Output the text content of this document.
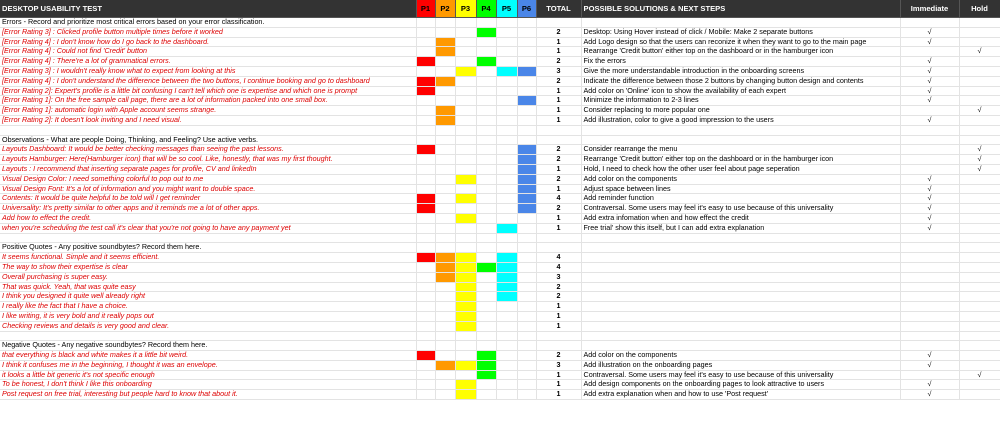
DESKTOP USABILITY TEST	P1	P2	P3	P4	P5	P6	TOTAL	POSSIBLE SOLUTIONS & NEXT STEPS	Immediate	Hold
Errors - Record and prioritize most critical errors based on your error classification.										
[Error Rating 3] : Clicked profile button multiple times before it worked							2	Desktop: Using Hover instead of click / Mobile: Make 2 separate buttons	√	
[Error Rating 4] : I don't know how do I go back to the dashboard.							1	Add Logo design so that the users can reconize it when they want to go to the main page	√	
[Error Rating 4] : Could not find 'Credit' button							1	Rearrange 'Credit button' either top on the dashboard or in the hamburger icon		√
[Error Rating 4] : There're a lot of grammatical errors.							2	Fix the errors	√	
[Error Rating 3] : I wouldn't really know what to expect from looking at this							3	Give the more understandable introduction in the onboarding screens	√	
[Error Rating 4] : I don't understand the difference between the two buttons, I continue booking and go to dashboard							2	Indicate the difference between those 2 buttons by changing button design and contents	√	
[Error Rating 2]: Expert's profile is a little bit confusing I can't tell which one is expertise and which one is prompt							1	Add color on 'Online' icon to show the availability of each expert	√	
[Error Rating 1]: On the free sample call page, there are a lot of information packed into one small box.							1	Minimize the information to 2-3 lines	√	
[Error Rating 1]: automatic login with Apple account seems strange.							1	Consider replacing to more popular one		√
[Error Rating 2]: It doesn't look inviting and I need visual.							1	Add illustration, color to give a good impression to the users	√	

Observations - What are people Doing, Thinking, and Feeling? Use active verbs.										
Layouts Dashboard: It would be better checking messages than seeing the past lessons.							2	Consider rearrange the menu		√
Layouts Hamburger: Here(Hamburger icon) that will be so cool. Like, honestly, that was my first thought.							2	Rearrange 'Credit button' either top on the dashboard or in the hamburger icon		√
Layouts : I recommend that inserting separate pages for profile, CV and linkedIn							1	Hold, I need to check how the other user feel about page seperation		√
Visual Design Color: I need something colorful to pop out to me							2	Add color on the components	√	
Visual Design Font: It's a lot of information and you might want to double space.							1	Adjust space between lines	√	
Contents: It would be quite helpful to be told will I get reminder							4	Add reminder function	√	
Universality: It's pretty similar to other apps and it reminds me a lot of other apps.							2	Contraversal. Some users may feel it's easy to use because of this universality	√	
Add how to effect the credit.							1	Add extra infomation when and how effect the credit	√	
when you're scheduling the test call it's clear that you're not going to have any payment yet							1	Free trial' show this itself, but I can add extra explanation	√	

Positive Quotes - Any positive soundbytes? Record them here.										
It seems functional. Simple and it seems efficient.							4			
The way to show their expertise is clear							4			
Overall purchasing is super easy.							3			
That was quick. Yeah, that was quite easy							2			
I think you designed it quite well already right							2			
I really like the fact that I have a choice.							1			
I like writing, it is very bold and it really pops out							1			
Checking reviews and details is very good and clear.							1			

Negative Quotes - Any negative soundbytes? Record them here.										
that everything is black and white makes it a little bit weird.							2	Add color on the components	√	
I think it confuses me in the beginning, I thought it was an envelope.							3	Add illustration on the onboarding pages	√	
it looks a little bit generic it's not specific enough							1	Contraversal. Some users may feel it's easy to use because of this universality		√
To be honest, I don't think I like this onboarding							1	Add design components on the onboarding pages to look attractive to users	√	
Post request on free trial, interesting but people hard to know that about it.							1	Add extra explanation when and how to use 'Post request'	√	
